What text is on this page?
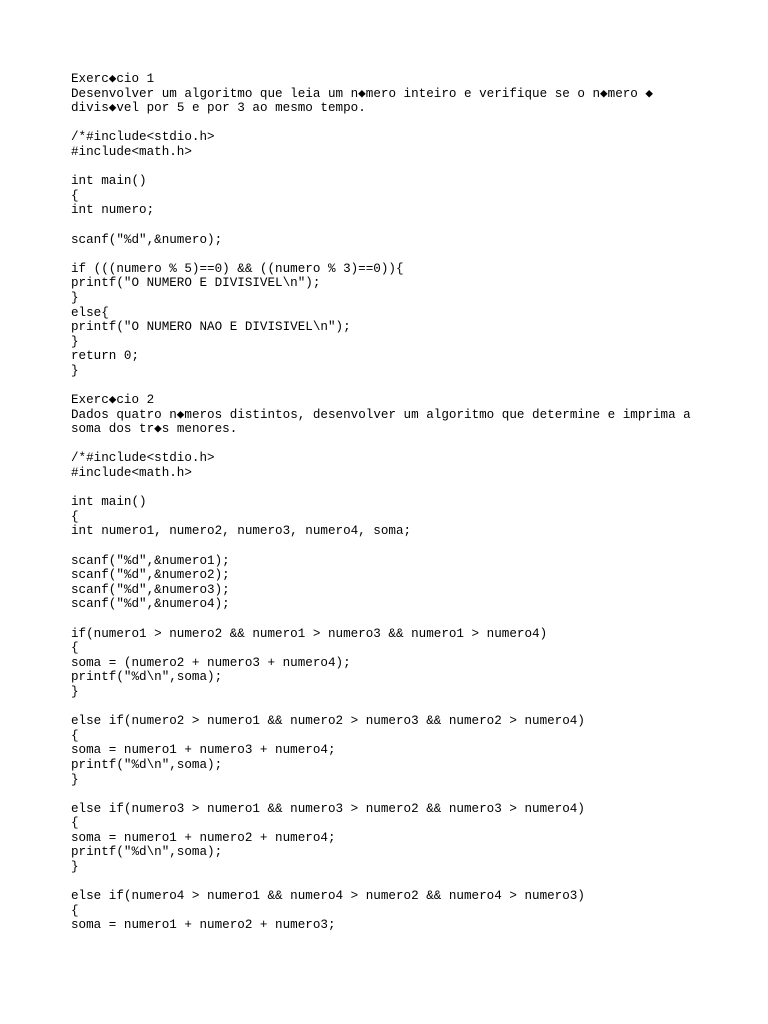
Exerc◆cio 1
Desenvolver um algoritmo que leia um n◆mero inteiro e verifique se o n◆mero ◆
divis◆vel por 5 e por 3 ao mesmo tempo.
/*#include<stdio.h>
#include<math.h>
int main()
{
int numero;
scanf("%d",&numero);
if (((numero % 5)==0) && ((numero % 3)==0)){
printf("O NUMERO E DIVISIVEL\n");
}
else{
printf("O NUMERO NAO E DIVISIVEL\n");
}
return 0;
}
Exerc◆cio 2
Dados quatro n◆meros distintos, desenvolver um algoritmo que determine e imprima a
soma dos tr◆s menores.
/*#include<stdio.h>
#include<math.h>
int main()
{
int numero1, numero2, numero3, numero4, soma;
scanf("%d",&numero1);
scanf("%d",&numero2);
scanf("%d",&numero3);
scanf("%d",&numero4);
if(numero1 > numero2 && numero1 > numero3 && numero1 > numero4)
{
soma = (numero2 + numero3 + numero4);
printf("%d\n",soma);
}
else if(numero2 > numero1 && numero2 > numero3 && numero2 > numero4)
{
soma = numero1 + numero3 + numero4;
printf("%d\n",soma);
}
else if(numero3 > numero1 && numero3 > numero2 && numero3 > numero4)
{
soma = numero1 + numero2 + numero4;
printf("%d\n",soma);
}
else if(numero4 > numero1 && numero4 > numero2 && numero4 > numero3)
{
soma = numero1 + numero2 + numero3;
